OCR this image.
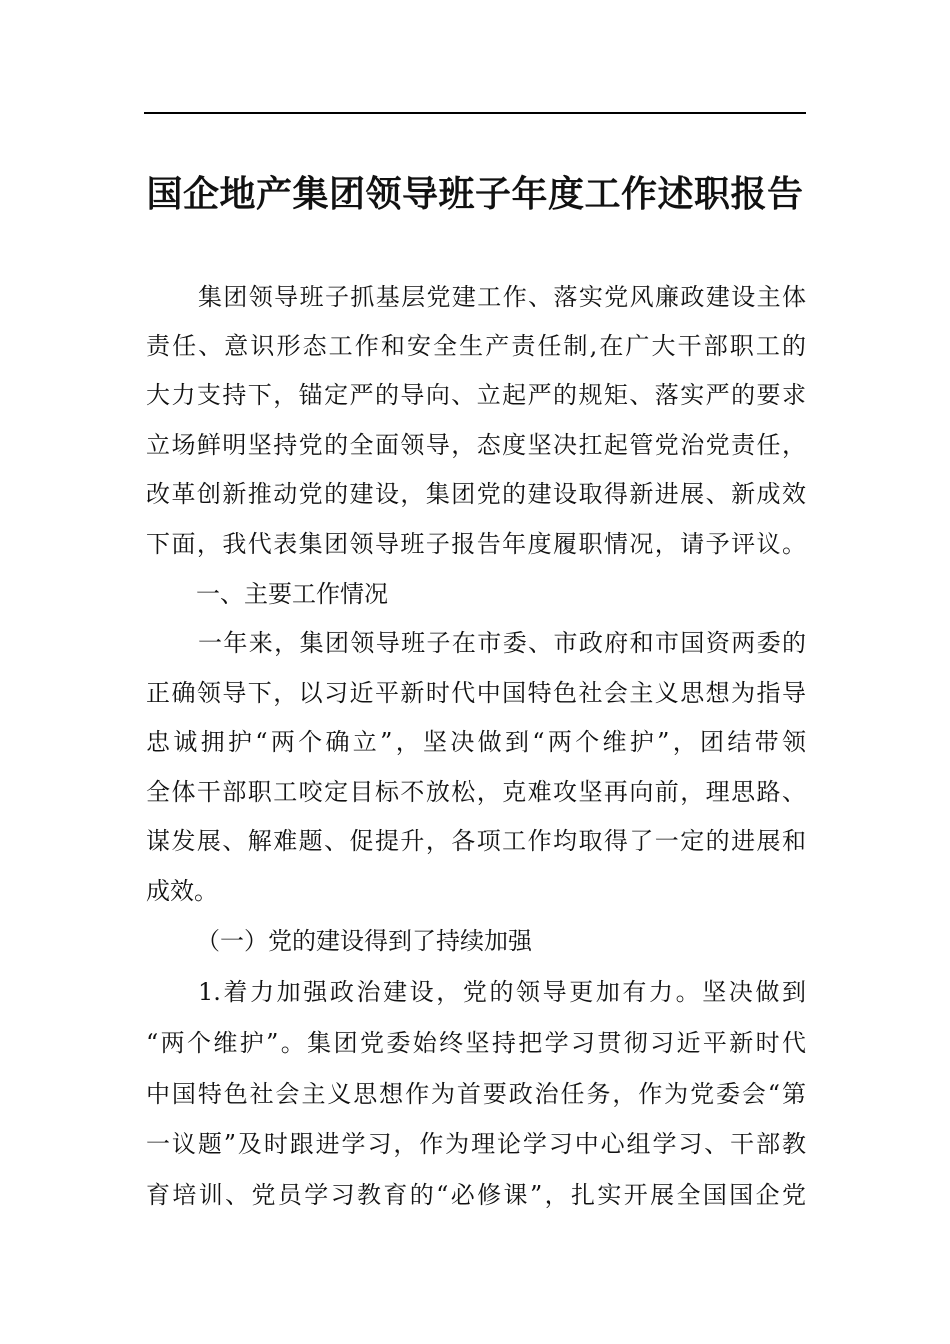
国企地产集团领导班子年度工作述职报告

集团领导班子抓基层党建工作、落实党风廉政建设主体

责任、意识形态工作和安全生产责任制,在广大干部职工的

大力支持下，锚定严的导向、立起严的规矩、落实严的要求

立场鲜明坚持党的全面领导，态度坚决扛起管党治党责任，

改革创新推动党的建设，集团党的建设取得新进展、新成效

下面，我代表集团领导班子报告年度履职情况，请予评议。

一、主要工作情况

一年来，集团领导班子在市委、市政府和市国资两委的

正确领导下，以习近平新时代中国特色社会主义思想为指导

忠诚拥护“两个确立”，坚决做到“两个维护”，团结带领

全体干部职工咬定目标不放松，克难攻坚再向前，理思路、

谋发展、解难题、促提升，各项工作均取得了一定的进展和

成效。

（一）党的建设得到了持续加强

1.着力加强政治建设，党的领导更加有力。坚决做到

“两个维护”。集团党委始终坚持把学习贯彻习近平新时代

中国特色社会主义思想作为首要政治任务，作为党委会“第

一议题”及时跟进学习，作为理论学习中心组学习、干部教

育培训、党员学习教育的“必修课”，扎实开展全国国企党
